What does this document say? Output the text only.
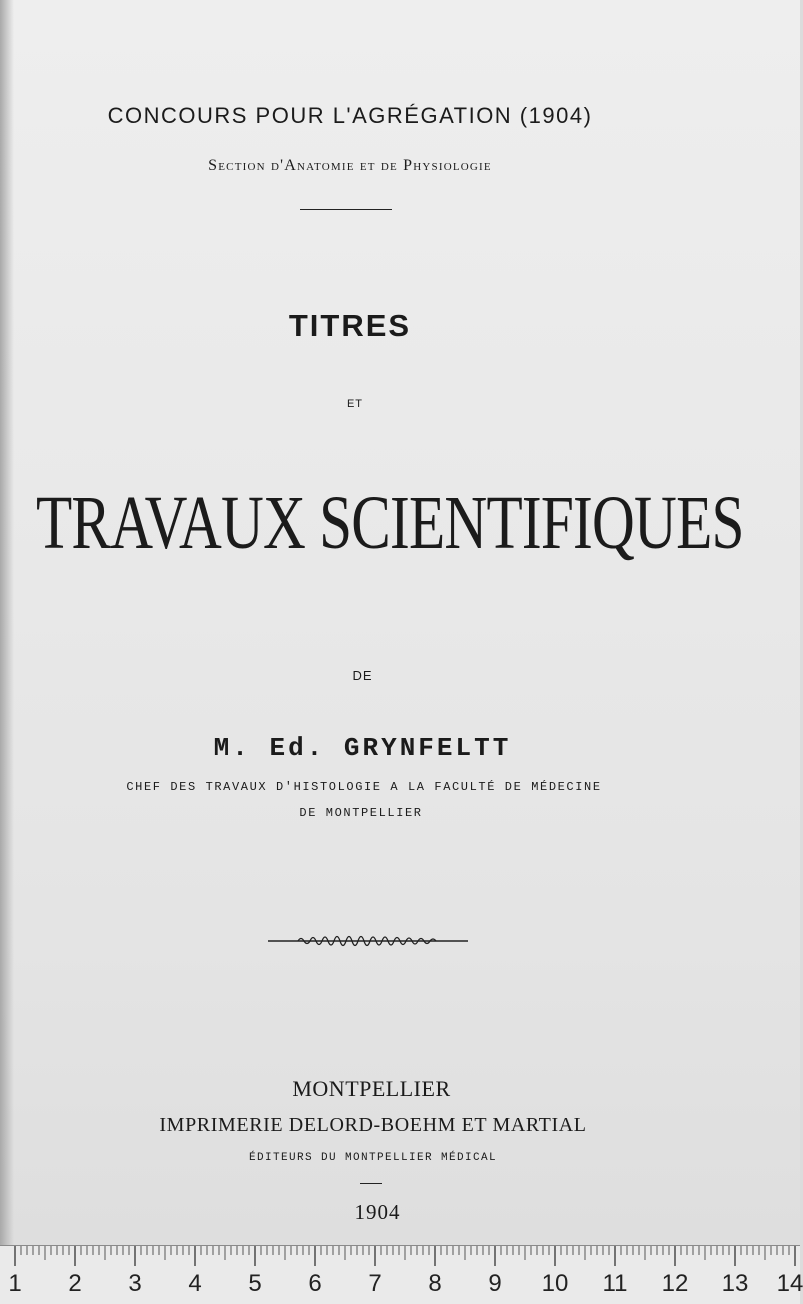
CONCOURS POUR L'AGRÉGATION (1904)
Section d'Anatomie et de Physiologie
TITRES
ET
TRAVAUX SCIENTIFIQUES
DE
M. Ed. GRYNFELTT
CHEF DES TRAVAUX D'HISTOLOGIE A LA FACULTÉ DE MÉDECINE
DE MONTPELLIER
MONTPELLIER
IMPRIMERIE DELORD-BOEHM ET MARTIAL
ÉDITEURS DU MONTPELLIER MÉDICAL
1904
1 2 3 4 5 6 7 8 9 10 11 12 13 14
